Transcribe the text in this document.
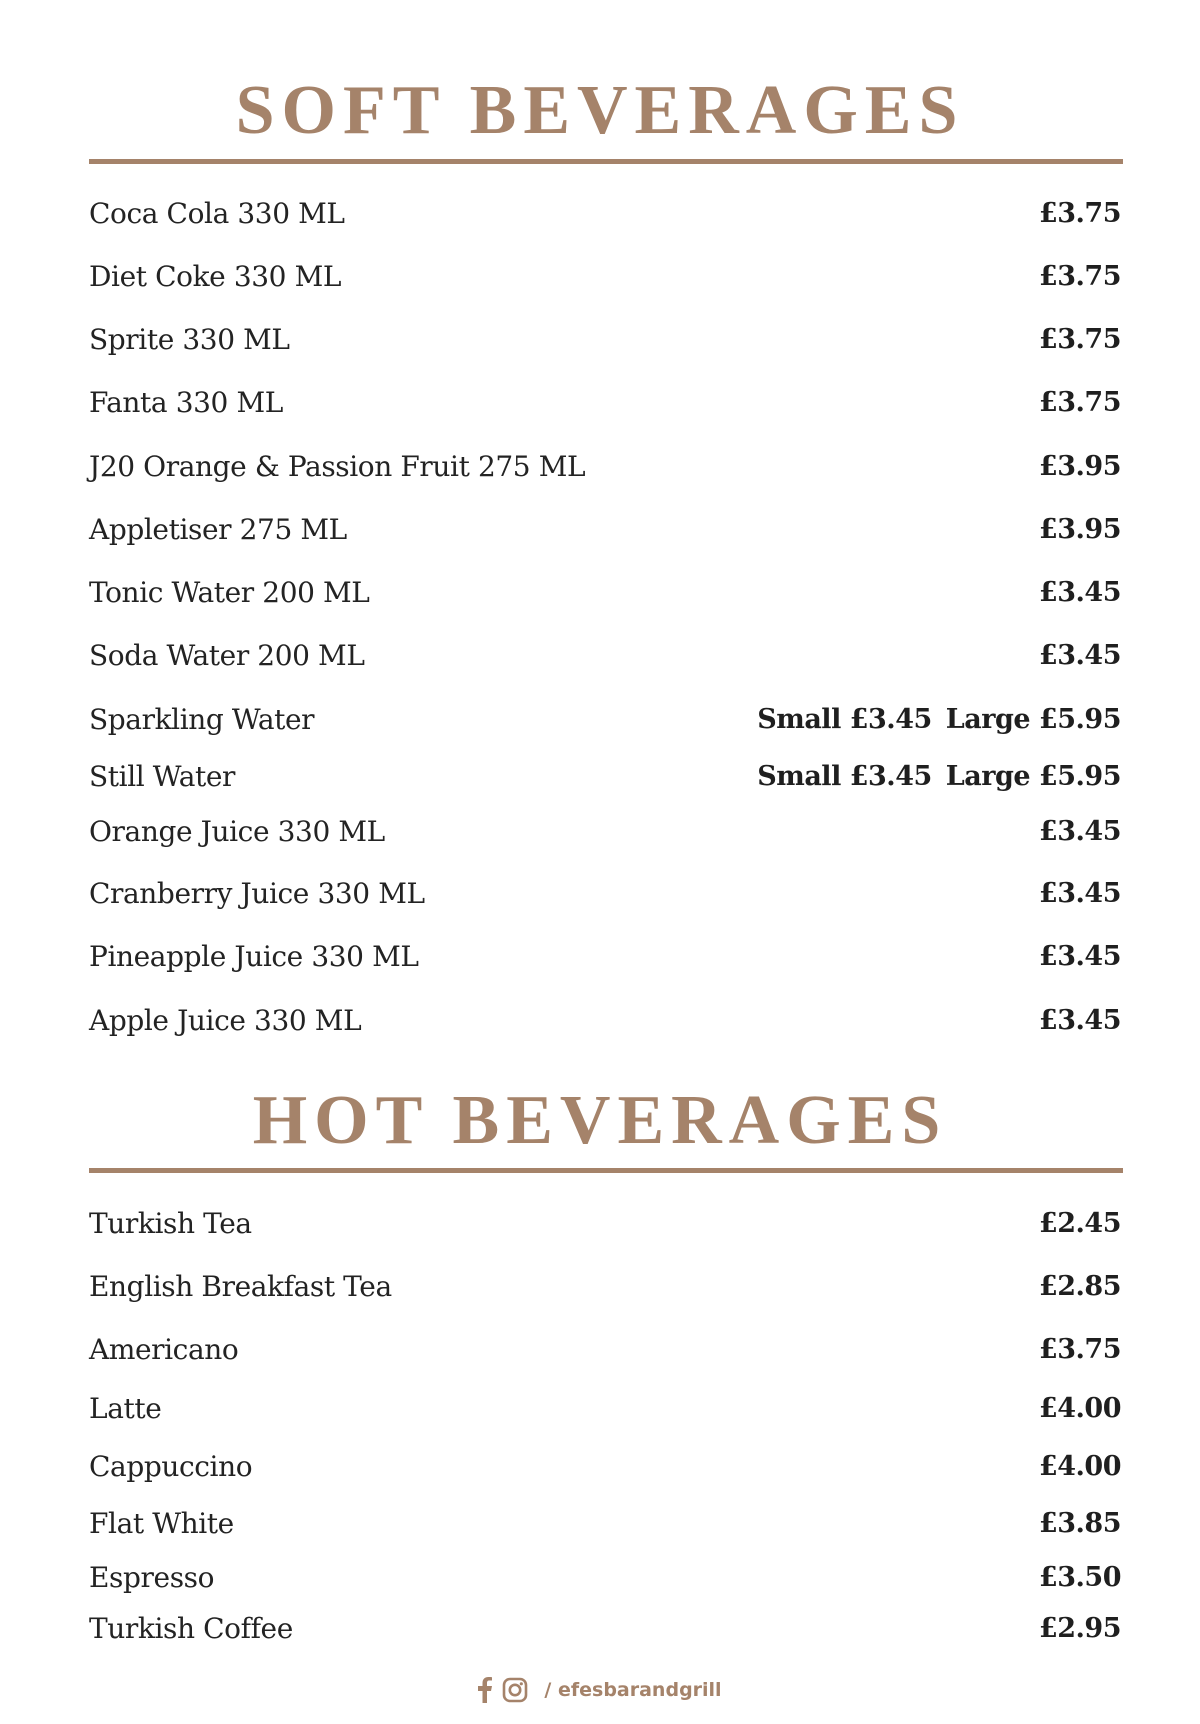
SOFT BEVERAGES
Coca Cola 330 ML	£3.75
Diet Coke 330 ML	£3.75
Sprite 330 ML	£3.75
Fanta 330 ML	£3.75
J20 Orange & Passion Fruit 275 ML	£3.95
Appletiser 275 ML	£3.95
Tonic Water 200 ML	£3.45
Soda Water 200 ML	£3.45
Sparkling Water	Small £3.45 Large £5.95
Still Water	Small £3.45 Large £5.95
Orange Juice 330 ML	£3.45
Cranberry Juice 330 ML	£3.45
Pineapple Juice 330 ML	£3.45
Apple Juice 330 ML	£3.45
HOT BEVERAGES
Turkish Tea	£2.45
English Breakfast Tea	£2.85
Americano	£3.75
Latte	£4.00
Cappuccino	£4.00
Flat White	£3.85
Espresso	£3.50
Turkish Coffee	£2.95
/ efesbarandgrill
